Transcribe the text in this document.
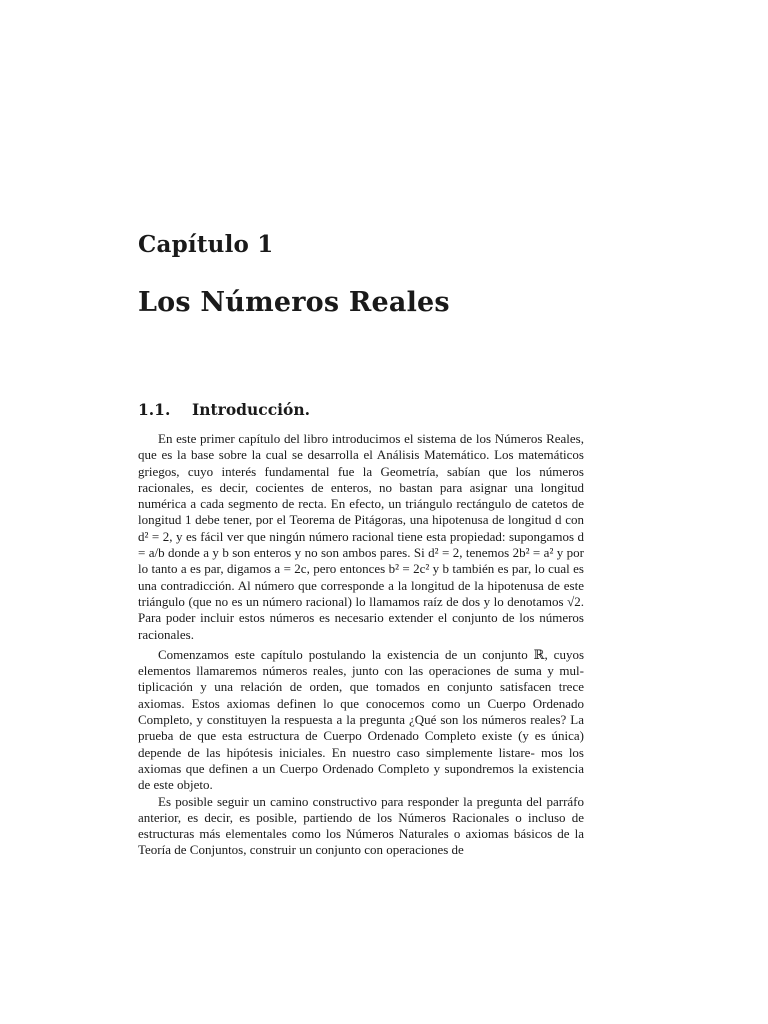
Capítulo 1
Los Números Reales
1.1. Introducción.

En este primer capítulo del libro introducimos el sistema de los Números Reales, que es la base sobre la cual se desarrolla el Análisis Matemático. Los matemáticos griegos, cuyo interés fundamental fue la Geometría, sabían que los números racionales, es decir, cocientes de enteros, no bastan para asignar una longitud numérica a cada segmento de recta. En efecto, un triángulo rectángulo de catetos de longitud 1 debe tener, por el Teorema de Pitágoras, una hipotenusa de longitud d con d² = 2, y es fácil ver que ningún número racional tiene esta propiedad: supongamos d = a/b donde a y b son enteros y no son ambos pares. Si d² = 2, tenemos 2b² = a² y por lo tanto a es par, digamos a = 2c, pero entonces b² = 2c² y b también es par, lo cual es una contradicción. Al número que corresponde a la longitud de la hipotenusa de este triángulo (que no es un número racional) lo llamamos raíz de dos y lo denotamos √2. Para poder incluir estos números es necesario extender el conjunto de los números racionales.

Comenzamos este capítulo postulando la existencia de un conjunto ℝ, cuyos elementos llamaremos números reales, junto con las operaciones de suma y mul- tiplicación y una relación de orden, que tomados en conjunto satisfacen trece axiomas. Estos axiomas definen lo que conocemos como un Cuerpo Ordenado Completo, y constituyen la respuesta a la pregunta ¿Qué son los números reales? La prueba de que esta estructura de Cuerpo Ordenado Completo existe (y es única) depende de las hipótesis iniciales. En nuestro caso simplemente listare- mos los axiomas que definen a un Cuerpo Ordenado Completo y supondremos la existencia de este objeto.

Es posible seguir un camino constructivo para responder la pregunta del parráfo anterior, es decir, es posible, partiendo de los Números Racionales o incluso de estructuras más elementales como los Números Naturales o axiomas básicos de la Teoría de Conjuntos, construir un conjunto con operaciones de
